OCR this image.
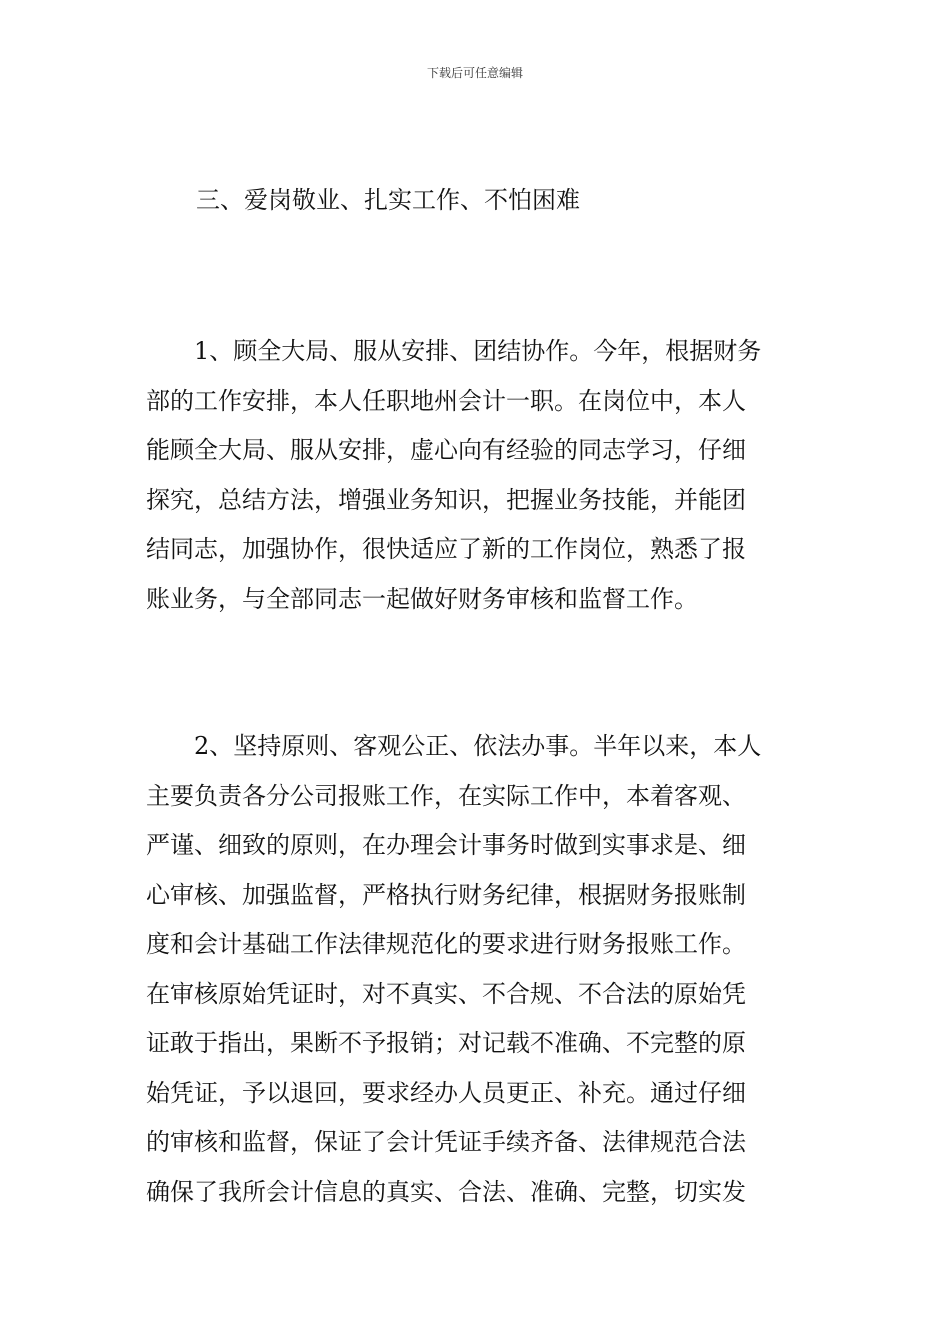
下载后可任意编辑
三、爱岗敬业、扎实工作、不怕困难
1、顾全大局、服从安排、团结协作。今年，根据财务
部的工作安排，本人任职地州会计一职。在岗位中，本人
能顾全大局、服从安排，虚心向有经验的同志学习，仔细
探究，总结方法，增强业务知识，把握业务技能，并能团
结同志，加强协作，很快适应了新的工作岗位，熟悉了报
账业务，与全部同志一起做好财务审核和监督工作。
2、坚持原则、客观公正、依法办事。半年以来，本人
主要负责各分公司报账工作，在实际工作中，本着客观、
严谨、细致的原则，在办理会计事务时做到实事求是、细
心审核、加强监督，严格执行财务纪律，根据财务报账制
度和会计基础工作法律规范化的要求进行财务报账工作。
在审核原始凭证时，对不真实、不合规、不合法的原始凭
证敢于指出，果断不予报销；对记载不准确、不完整的原
始凭证，予以退回，要求经办人员更正、补充。通过仔细
的审核和监督，保证了会计凭证手续齐备、法律规范合法
确保了我所会计信息的真实、合法、准确、完整，切实发
